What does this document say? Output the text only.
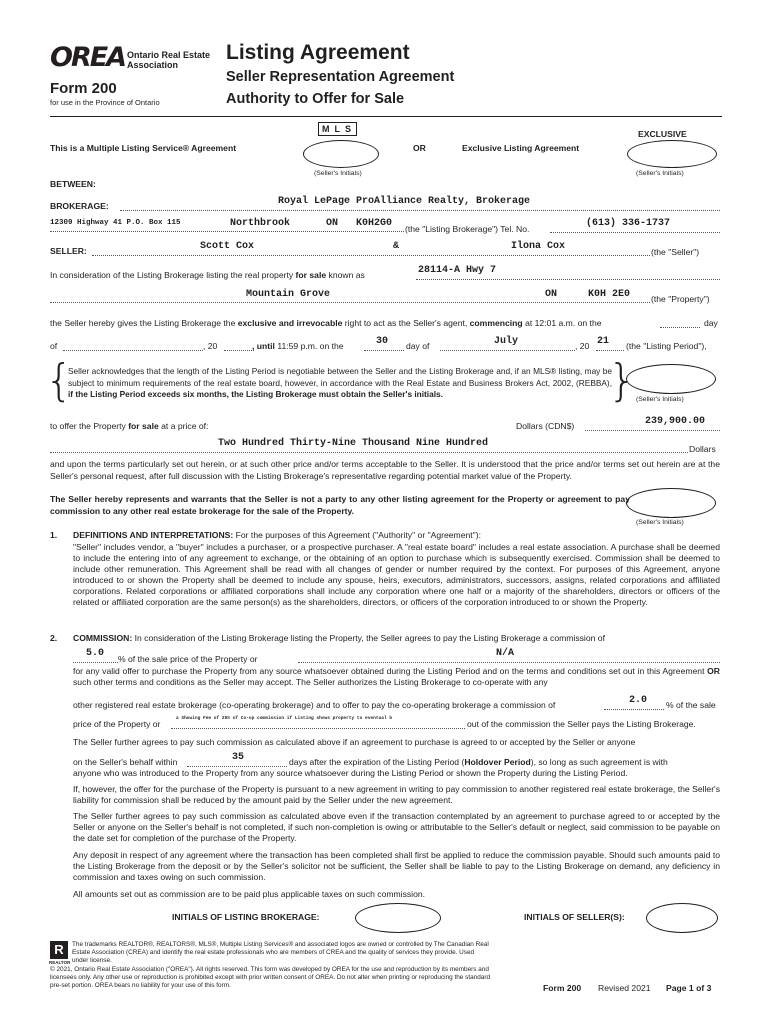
OREA Ontario Real Estate
Association
Form 200
for use in the Province of Ontario
Listing Agreement
Seller Representation Agreement
Authority to Offer for Sale
MLS
This is a Multiple Listing Service® Agreement
(Seller's Initials)
OR
EXCLUSIVE
Exclusive Listing Agreement
(Seller's Initials)
BETWEEN:
BROKERAGE:	Royal LePage ProAlliance Realty, Brokerage
12309 Highway 41 P.O. Box 115	Northbrook	ON K0H2G0 (the "Listing Brokerage") Tel. No.	(613) 336-1737
SELLER:	Scott Cox	&	Ilona Cox	(the "Seller")
In consideration of the Listing Brokerage listing the real property for sale known as	28114-A Hwy 7
Mountain Grove	ON	K0H 2E0 (the "Property")
the Seller hereby gives the Listing Brokerage the exclusive and irrevocable right to act as the Seller's agent, commencing at 12:01 a.m. on the	day
of	, 20	, until 11:59 p.m. on the	30 day of	July	, 20 21 (the "Listing Period"),
{
Seller acknowledges that the length of the Listing Period is negotiable between the Seller and the Listing Brokerage and, if an MLS® listing, may be subject to minimum requirements of the real estate board, however, in accordance with the Real Estate and Business Brokers Act, 2002, (REBBA), if the Listing Period exceeds six months, the Listing Brokerage must obtain the Seller's initials.	} (Seller's Initials)
to offer the Property for sale at a price of:	Dollars (CDN$)	239,900.00
Two Hundred Thirty-Nine Thousand Nine Hundred	Dollars
and upon the terms particularly set out herein, or at such other price and/or terms acceptable to the Seller. It is understood that the price and/or terms set out herein are at the Seller's personal request, after full discussion with the Listing Brokerage's representative regarding potential market value of the Property.
The Seller hereby represents and warrants that the Seller is not a party to any other listing agreement for the Property or agreement to pay commission to any other real estate brokerage for the sale of the Property.
(Seller's Initials)
1. DEFINITIONS AND INTERPRETATIONS: For the purposes of this Agreement ("Authority" or "Agreement"):
"Seller" includes vendor, a "buyer" includes a purchaser, or a prospective purchaser. A "real estate board" includes a real estate association. A purchase shall be deemed to include the entering into of any agreement to exchange, or the obtaining of an option to purchase which is subsequently exercised. Commission shall be deemed to include other remuneration. This Agreement shall be read with all changes of gender or number required by the context. For purposes of this Agreement, anyone introduced to or shown the Property shall be deemed to include any spouse, heirs, executors, administrators, successors, assigns, related corporations and affiliated corporations. Related corporations or affiliated corporations shall include any corporation where one half or a majority of the shareholders, directors or officers of the related or affiliated corporation are the same person(s) as the shareholders, directors, or officers of the corporation introduced to or shown the Property.
2. COMMISSION: In consideration of the Listing Brokerage listing the Property, the Seller agrees to pay the Listing Brokerage a commission of
5.0 % of the sale price of the Property or	N/A
for any valid offer to purchase the Property from any source whatsoever obtained during the Listing Period and on the terms and conditions set out in this Agreement OR such other terms and conditions as the Seller may accept. The Seller authorizes the Listing Brokerage to co-operate with any
other registered real estate brokerage (co-operating brokerage) and to offer to pay the co-operating brokerage a commission of	2.0 % of the sale
price of the Property or
a Showing Fee of 25% of Co-op commission if Listing shows property to eventual b
out of the commission the Seller pays the Listing Brokerage.
The Seller further agrees to pay such commission as calculated above if an agreement to purchase is agreed to or accepted by the Seller or anyone
on the Seller's behalf within	35	days after the expiration of the Listing Period (Holdover Period), so long as such agreement is with
anyone who was introduced to the Property from any source whatsoever during the Listing Period or shown the Property during the Listing Period.
If, however, the offer for the purchase of the Property is pursuant to a new agreement in writing to pay commission to another registered real estate brokerage, the Seller's liability for commission shall be reduced by the amount paid by the Seller under the new agreement.
The Seller further agrees to pay such commission as calculated above even if the transaction contemplated by an agreement to purchase agreed to or accepted by the Seller or anyone on the Seller's behalf is not completed, if such non-completion is owing or attributable to the Seller's default or neglect, said commission to be payable on the date set for completion of the purchase of the Property.
Any deposit in respect of any agreement where the transaction has been completed shall first be applied to reduce the commission payable. Should such amounts paid to the Listing Brokerage from the deposit or by the Seller's solicitor not be sufficient, the Seller shall be liable to pay to the Listing Brokerage on demand, any deficiency in commission and taxes owing on such commission.
All amounts set out as commission are to be paid plus applicable taxes on such commission.
INITIALS OF LISTING BROKERAGE:	INITIALS OF SELLER(S):
R
REALTOR
The trademarks REALTOR®, REALTORS®, MLS®, Multiple Listing Services® and associated logos are owned or controlled by The Canadian Real Estate Association (CREA) and identify the real estate professionals who are members of CREA and the quality of services they provide. Used under license.
© 2021, Ontario Real Estate Association ("OREA"). All rights reserved. This form was developed by OREA for the use and reproduction by its members and licensees only. Any other use or reproduction is prohibited except with prior written consent of OREA. Do not alter when printing or reproducing the standard pre-set portion. OREA bears no liability for your use of this form.	Form 200 Revised 2021 Page 1 of 3
